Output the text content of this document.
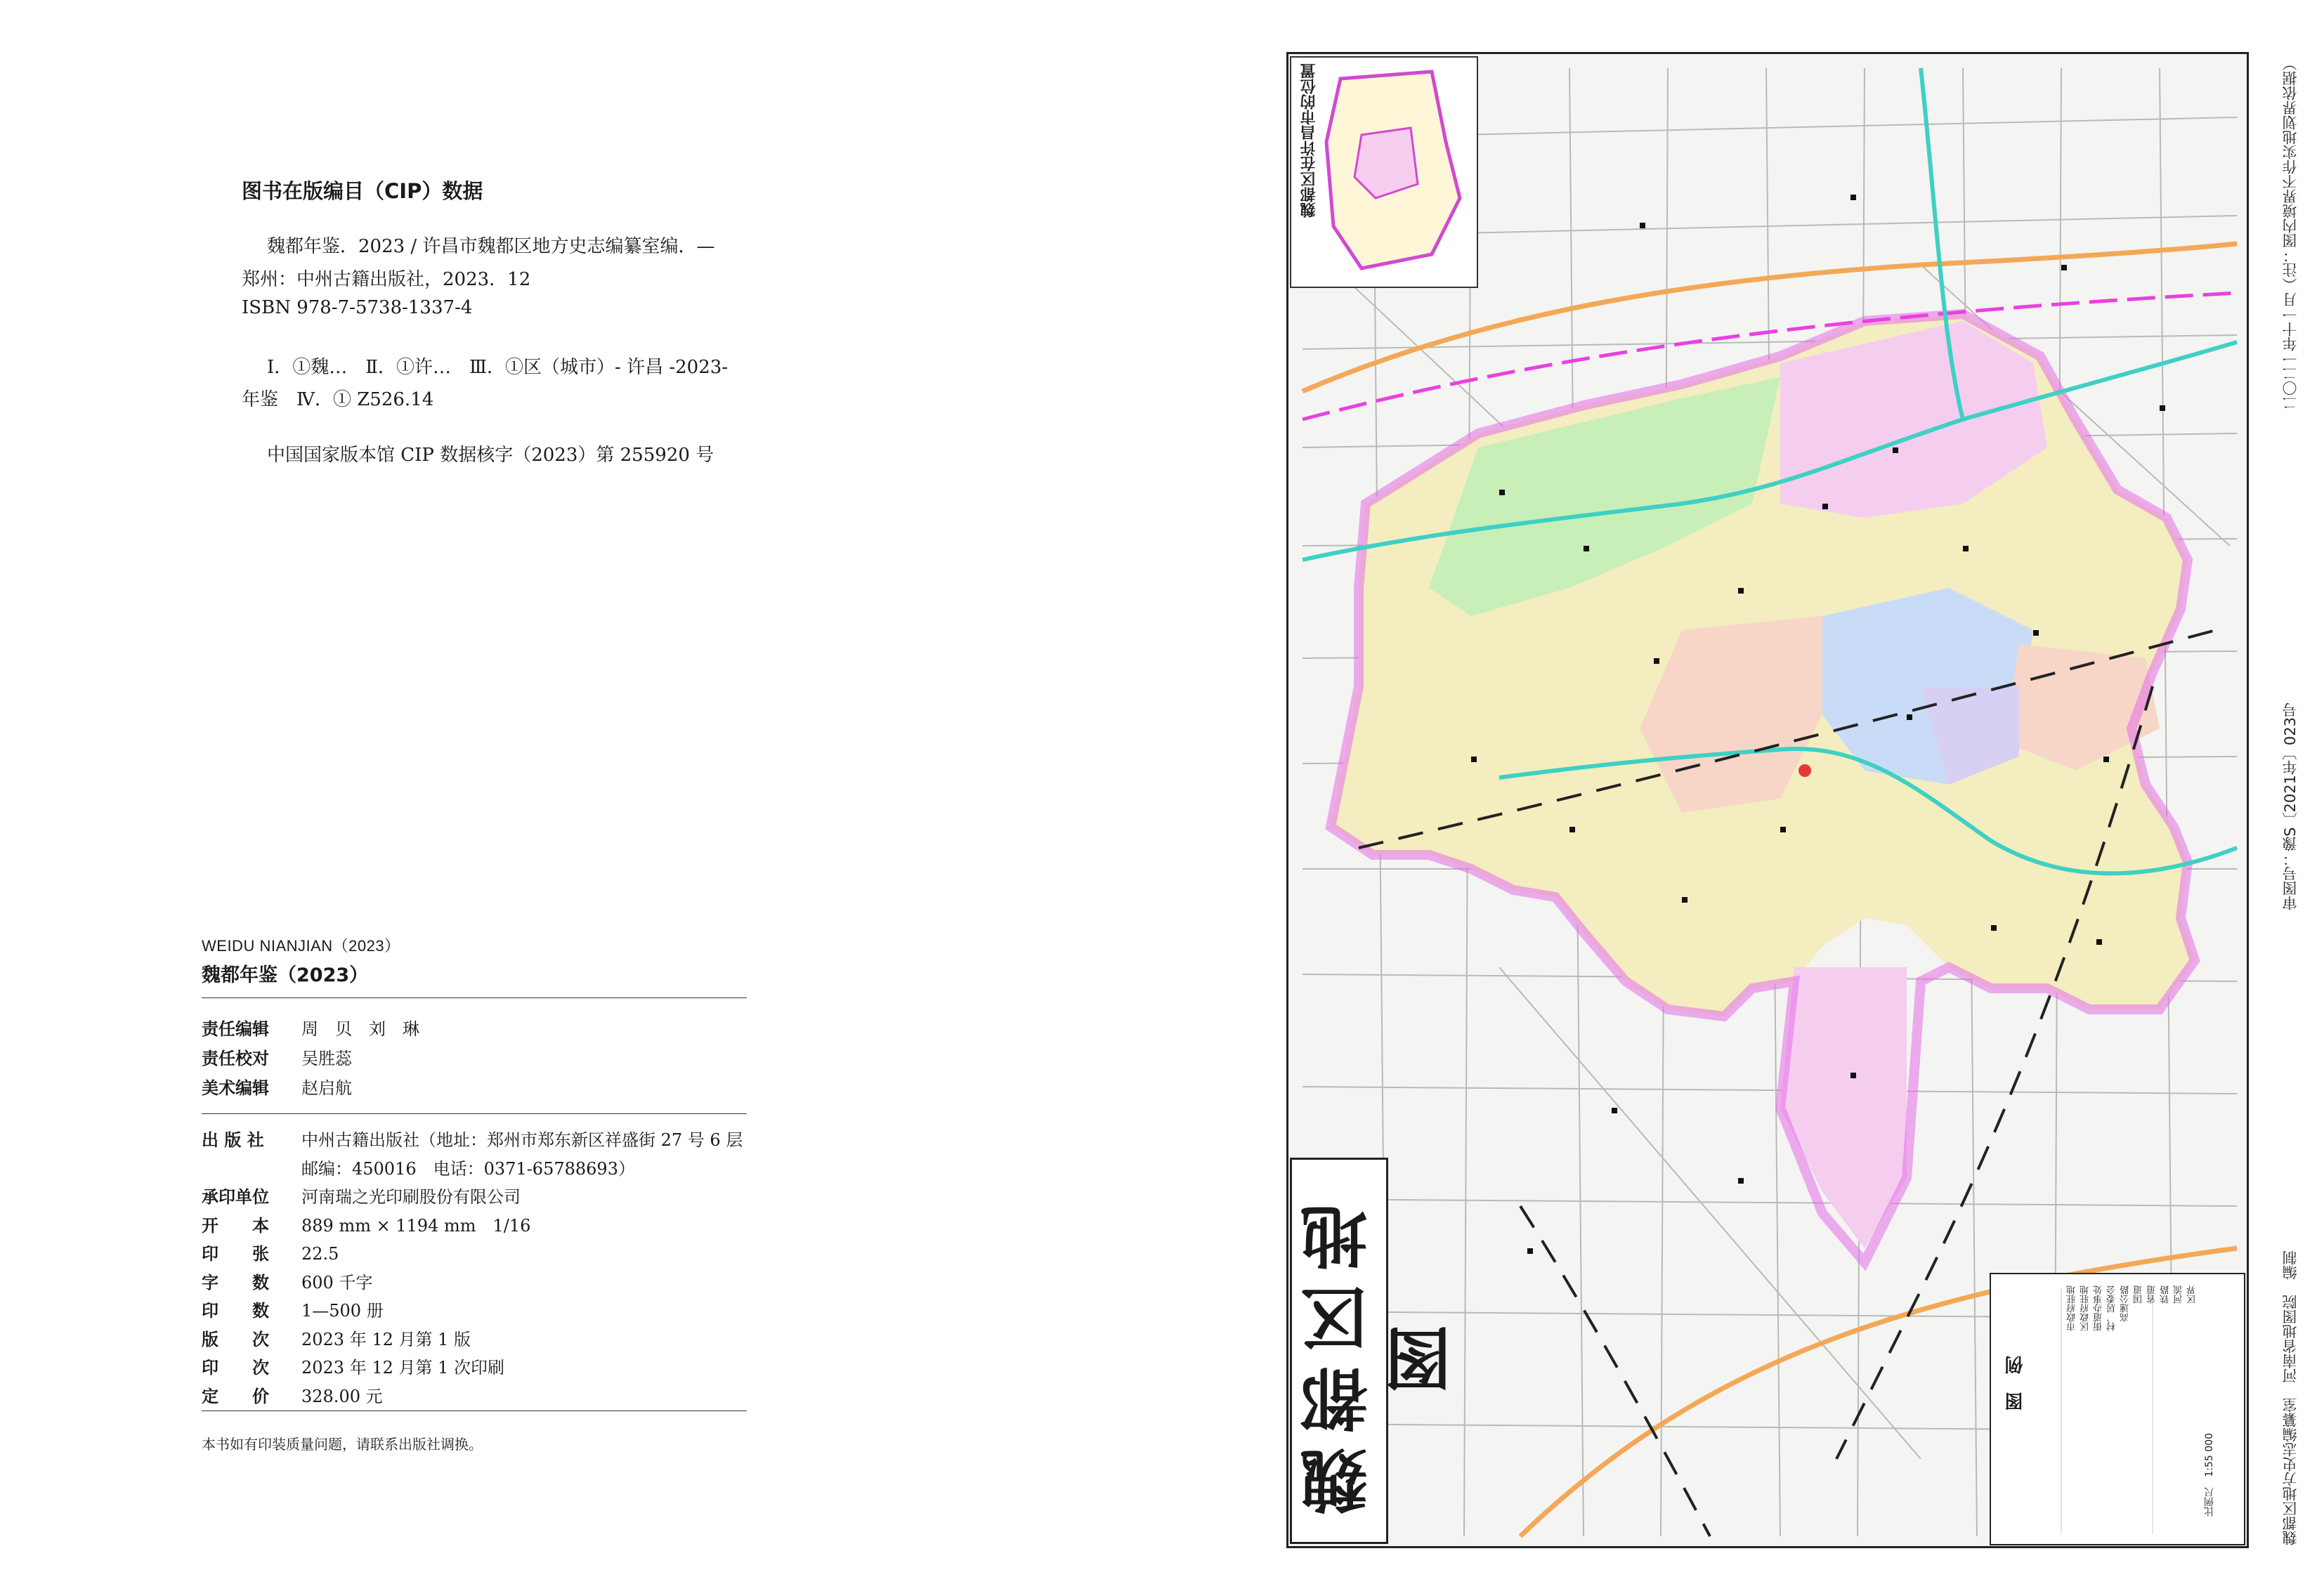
图书在版编目（CIP）数据
魏都年鉴．2023 / 许昌市魏都区地方史志编纂室编．—
郑州：中州古籍出版社，2023．12
ISBN 978-7-5738-1337-4
Ⅰ．①魏…　Ⅱ．①许…　Ⅲ．①区（城市）- 许昌 -2023-
年鉴　Ⅳ．① Z526.14
中国国家版本馆 CIP 数据核字（2023）第 255920 号
WEIDU NIANJIAN（2023）
魏都年鉴（2023）
责任编辑 周　贝　刘　琳
责任校对 吴胜蕊
美术编辑 赵启航
出 版 社 中州古籍出版社（地址：郑州市郑东新区祥盛街 27 号 6 层
邮编：450016　电话：0371-65788693）
承印单位 河南瑞之光印刷股份有限公司
开　　本 889 mm × 1194 mm　1/16
印　　张 22.5
字　　数 600 千字
印　　数 1—500 册
版　　次 2023 年 12 月第 1 版
印　　次 2023 年 12 月第 1 次印刷
定　　价 328.00 元
本书如有印装质量问题，请联系出版社调换。
魏都区在许昌市的位置
魏都区地图	图　例
市政府驻地 区政府驻地 街道办事处 村、居委会 高速公路 国道 省道 铁路 河流 区界
比例尺　1:55 000
二〇二一年十一月（注：图内境界不作实地划界依据）
审图号：豫S〔2021年〕023号
魏都区地方史志编纂室　河南省地图院　编制
